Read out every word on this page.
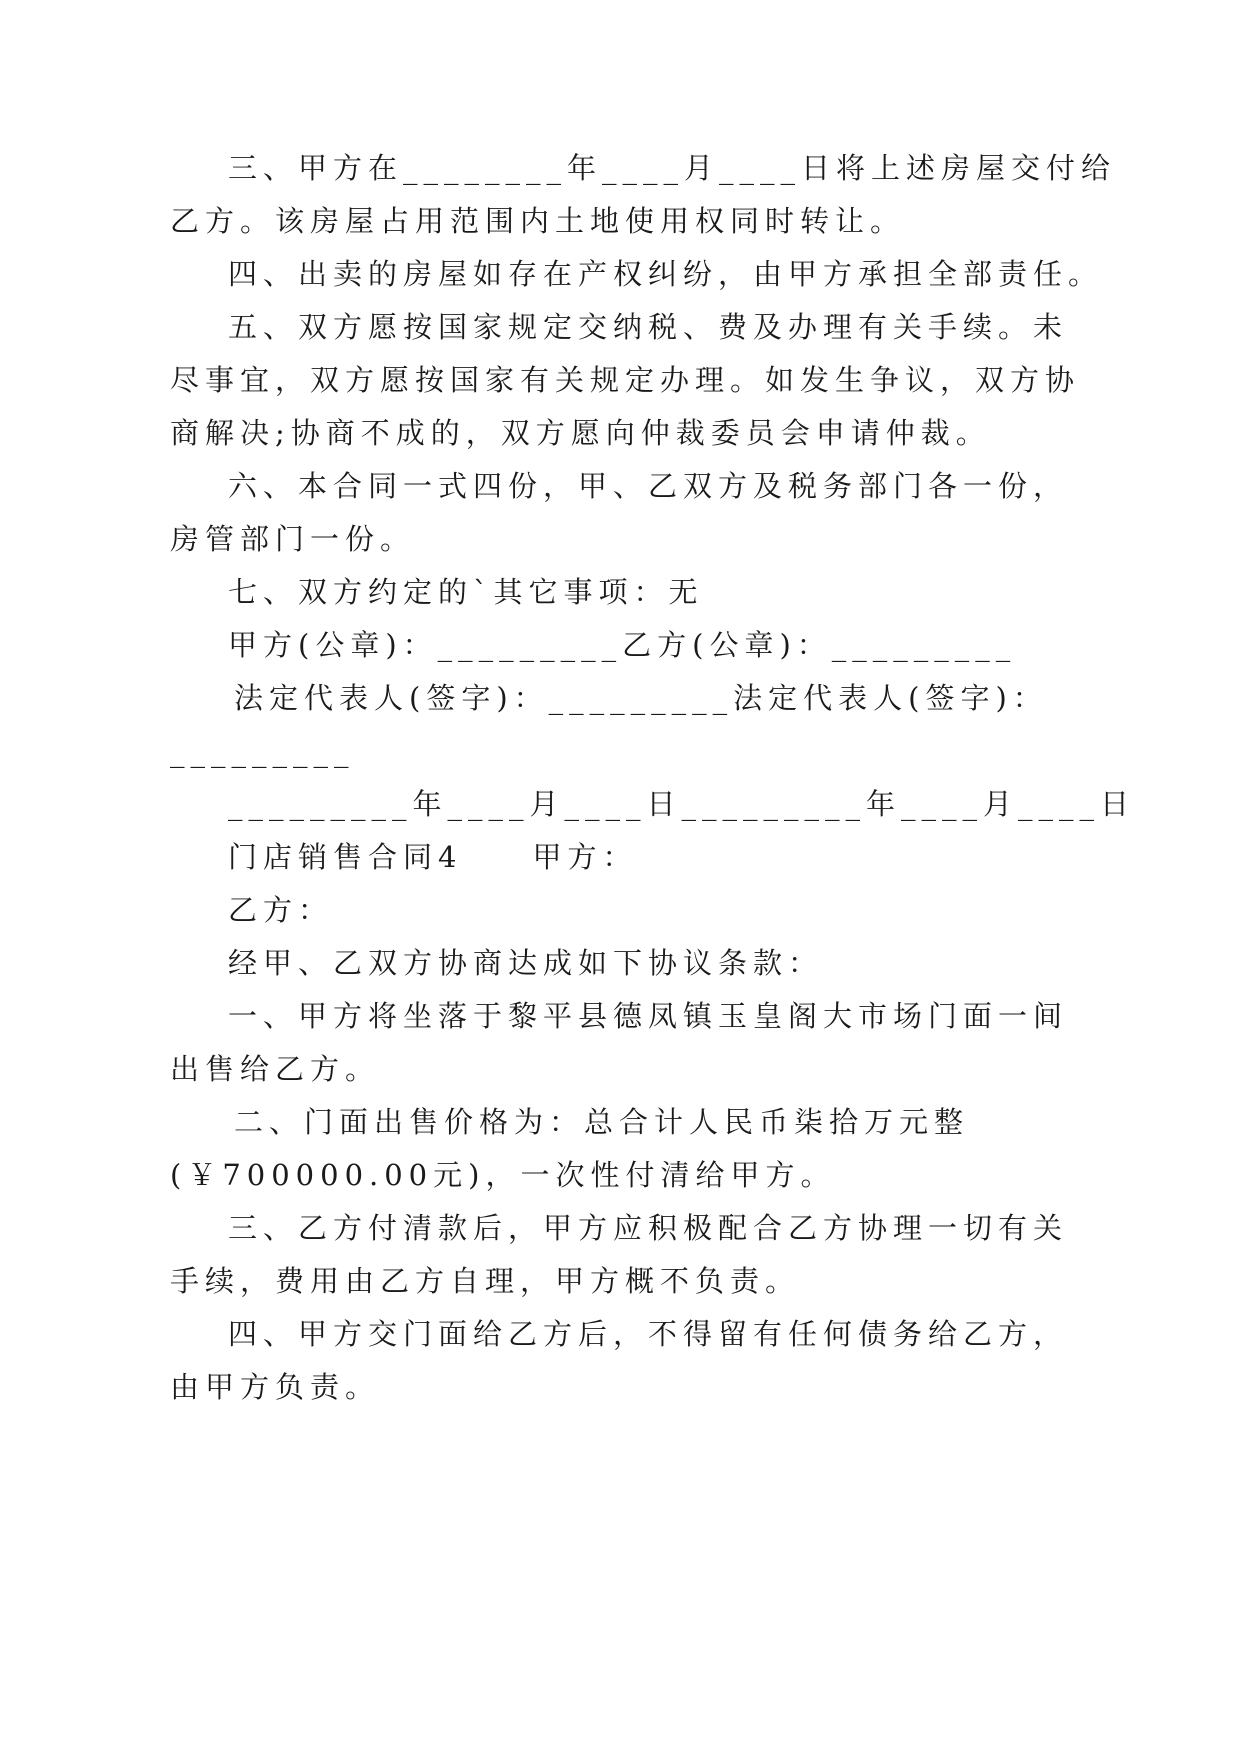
三、甲方在________年____月____日将上述房屋交付给
乙方。该房屋占用范围内土地使用权同时转让。
四、出卖的房屋如存在产权纠纷，由甲方承担全部责任。
五、双方愿按国家规定交纳税、费及办理有关手续。未
尽事宜，双方愿按国家有关规定办理。如发生争议，双方协
商解决;协商不成的，双方愿向仲裁委员会申请仲裁。
六、本合同一式四份，甲、乙双方及税务部门各一份，
房管部门一份。
七、双方约定的`其它事项：无
甲方(公章)：_________乙方(公章)：_________
法定代表人(签字)：_________法定代表人(签字)：
_________
_________年____月____日_________年____月____日
门店销售合同4　　甲方：
乙方：
经甲、乙双方协商达成如下协议条款：
一、甲方将坐落于黎平县德凤镇玉皇阁大市场门面一间
出售给乙方。
二、门面出售价格为：总合计人民币柒拾万元整
(￥700000.00元)，一次性付清给甲方。
三、乙方付清款后，甲方应积极配合乙方协理一切有关
手续，费用由乙方自理，甲方概不负责。
四、甲方交门面给乙方后，不得留有任何债务给乙方，
由甲方负责。
